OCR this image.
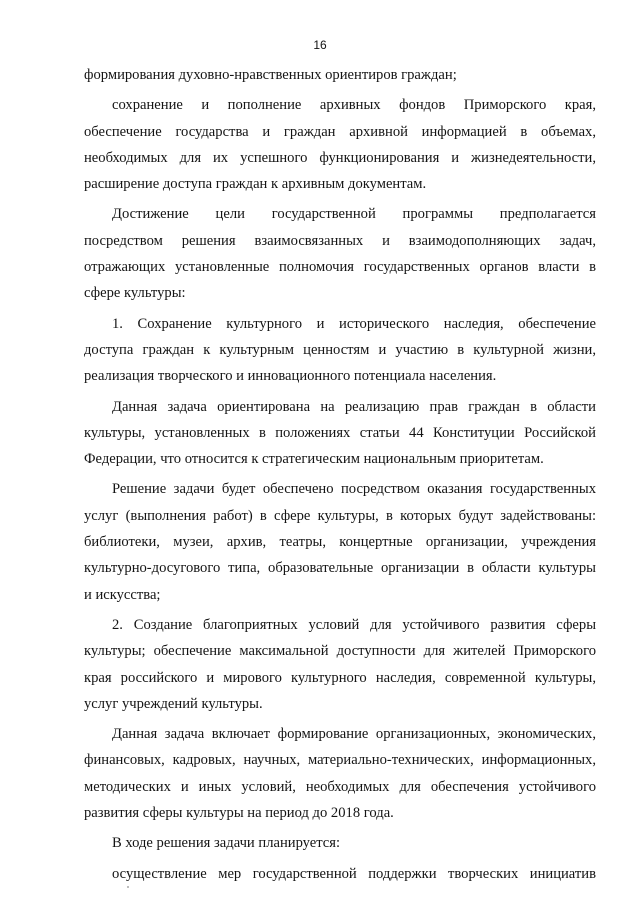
16
формирования духовно-нравственных ориентиров граждан;
сохранение и пополнение архивных фондов Приморского края,
обеспечение государства и граждан архивной информацией в объемах,
необходимых для их успешного функционирования и жизнедеятельности,
расширение доступа граждан к архивным документам.
Достижение цели государственной программы предполагается
посредством решения взаимосвязанных и взаимодополняющих задач,
отражающих установленные полномочия государственных органов власти в
сфере культуры:
1. Сохранение культурного и исторического наследия, обеспечение
доступа граждан к культурным ценностям и участию в культурной жизни,
реализация творческого и инновационного потенциала населения.
Данная задача ориентирована на реализацию прав граждан в области
культуры, установленных в положениях статьи 44 Конституции Российской
Федерации, что относится к стратегическим национальным приоритетам.
Решение задачи будет обеспечено посредством оказания государственных
услуг (выполнения работ) в сфере культуры, в которых будут задействованы:
библиотеки, музеи, архив, театры, концертные организации, учреждения
культурно-досугового типа, образовательные организации в области культуры
и искусства;
2. Создание благоприятных условий для устойчивого развития сферы
культуры; обеспечение максимальной доступности для жителей Приморского
края российского и мирового культурного наследия, современной культуры,
услуг учреждений культуры.
Данная задача включает формирование организационных, экономических,
финансовых, кадровых, научных, материально-технических, информационных,
методических и иных условий, необходимых для обеспечения устойчивого
развития сферы культуры на период до 2018 года.
В ходе решения задачи планируется:
осуществление мер государственной поддержки творческих инициатив
